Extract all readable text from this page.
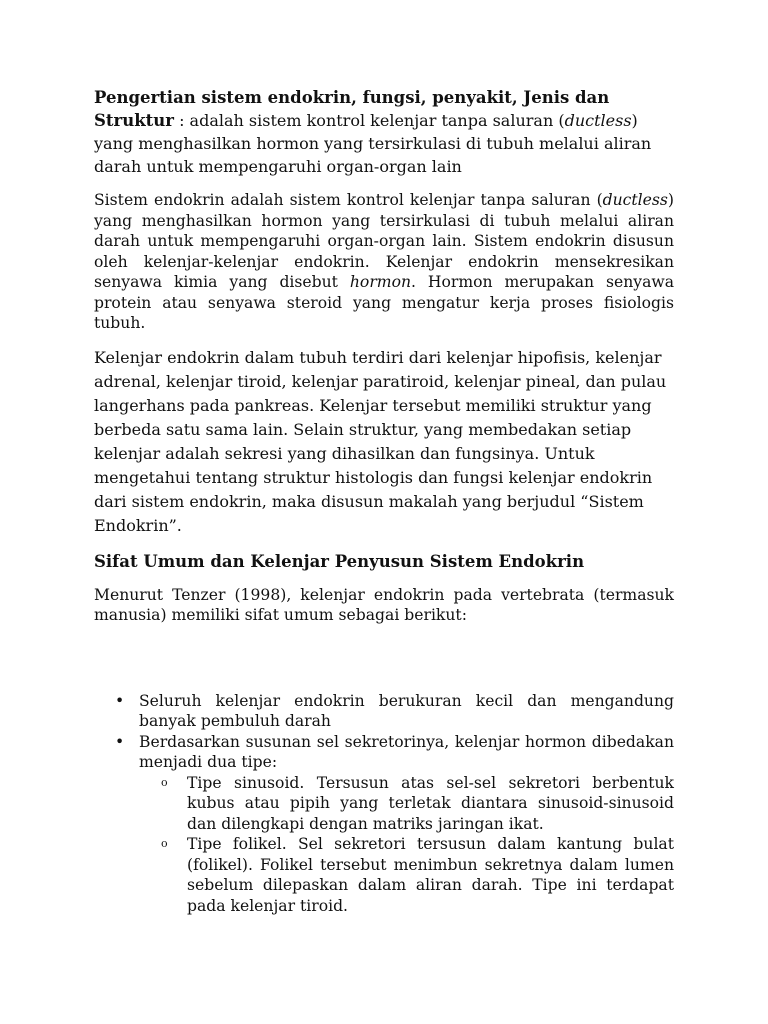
Pengertian sistem endokrin, fungsi, penyakit, Jenis dan Struktur : adalah sistem kontrol kelenjar tanpa saluran (ductless) yang menghasilkan hormon yang tersirkulasi di tubuh melalui aliran darah untuk mempengaruhi organ-organ lain

Sistem endokrin adalah sistem kontrol kelenjar tanpa saluran (ductless) yang menghasilkan hormon yang tersirkulasi di tubuh melalui aliran darah untuk mempengaruhi organ-organ lain. Sistem endokrin disusun oleh kelenjar-kelenjar endokrin. Kelenjar endokrin mensekresikan senyawa kimia yang disebut hormon. Hormon merupakan senyawa protein atau senyawa steroid yang mengatur kerja proses fisiologis tubuh.

Kelenjar endokrin dalam tubuh terdiri dari kelenjar hipofisis, kelenjar adrenal, kelenjar tiroid, kelenjar paratiroid, kelenjar pineal, dan pulau langerhans pada pankreas. Kelenjar tersebut memiliki struktur yang berbeda satu sama lain. Selain struktur, yang membedakan setiap kelenjar adalah sekresi yang dihasilkan dan fungsinya. Untuk mengetahui tentang struktur histologis dan fungsi kelenjar endokrin dari sistem endokrin, maka disusun makalah yang berjudul “Sistem Endokrin”.

Sifat Umum dan Kelenjar Penyusun Sistem Endokrin

Menurut Tenzer (1998), kelenjar endokrin pada vertebrata (termasuk manusia) memiliki sifat umum sebagai berikut:

• Seluruh kelenjar endokrin berukuran kecil dan mengandung banyak pembuluh darah
• Berdasarkan susunan sel sekretorinya, kelenjar hormon dibedakan menjadi dua tipe:
o Tipe sinusoid. Tersusun atas sel-sel sekretori berbentuk kubus atau pipih yang terletak diantara sinusoid-sinusoid dan dilengkapi dengan matriks jaringan ikat.
o Tipe folikel. Sel sekretori tersusun dalam kantung bulat (folikel). Folikel tersebut menimbun sekretnya dalam lumen sebelum dilepaskan dalam aliran darah. Tipe ini terdapat pada kelenjar tiroid.
